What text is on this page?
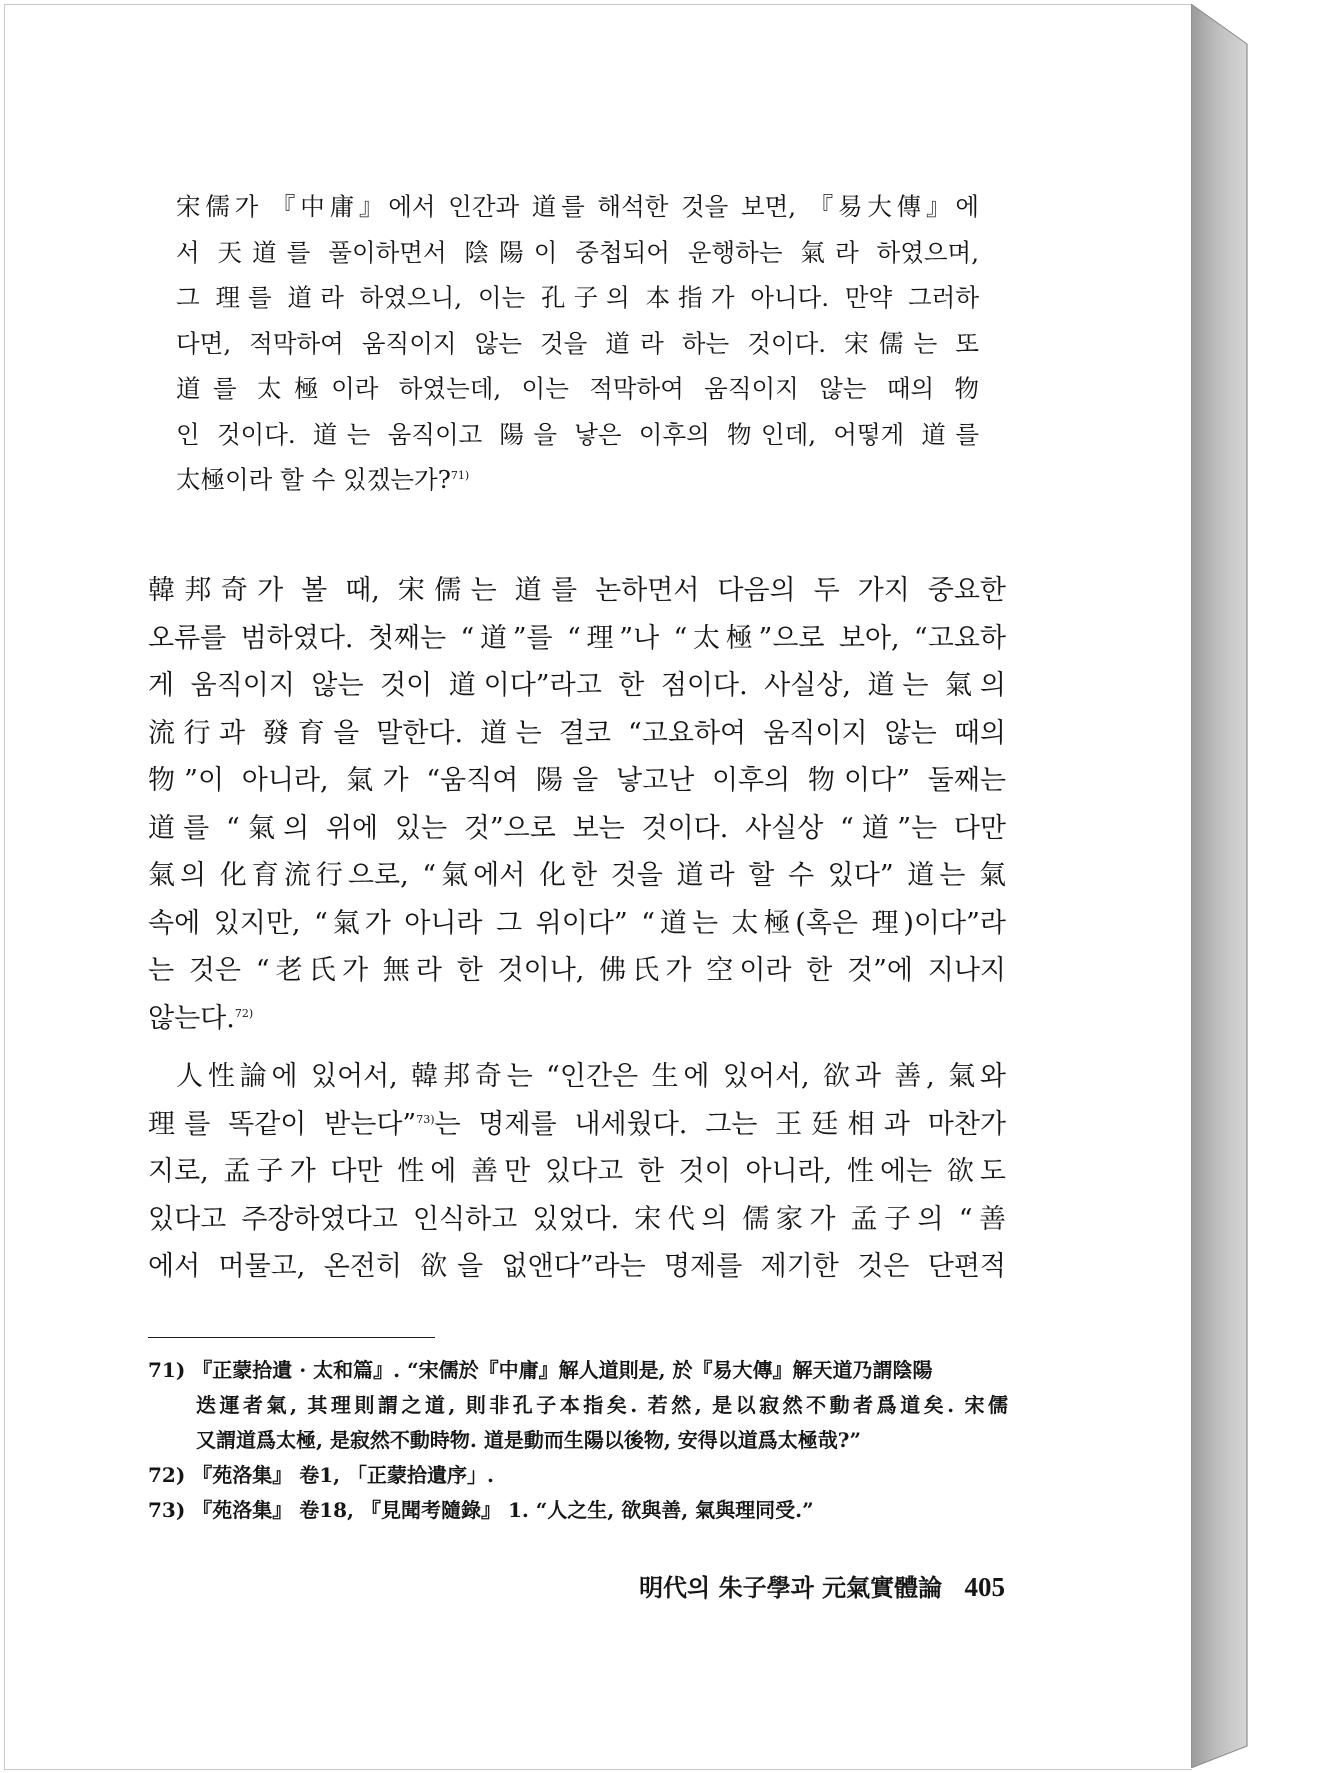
宋儒가 『中庸』에서 인간과 道를 해석한 것을 보면, 『易大傳』에
서 天道를 풀이하면서 陰陽이 중첩되어 운행하는 氣라 하였으며,
그 理를 道라 하였으니, 이는 孔子의 本指가 아니다. 만약 그러하
다면, 적막하여 움직이지 않는 것을 道라 하는 것이다. 宋儒는 또
道를 太極이라 하였는데, 이는 적막하여 움직이지 않는 때의 物
인 것이다. 道는 움직이고 陽을 낳은 이후의 物인데, 어떻게 道를
太極이라 할 수 있겠는가?$^{71)}$
韓邦奇가 볼 때, 宋儒는 道를 논하면서 다음의 두 가지 중요한
오류를 범하였다. 첫째는 “道”를 “理”나 “太極”으로 보아, “고요하
게 움직이지 않는 것이 道이다”라고 한 점이다. 사실상, 道는 氣의
流行과 發育을 말한다. 道는 결코 “고요하여 움직이지 않는 때의
物”이 아니라, 氣가 “움직여 陽을 낳고난 이후의 物이다” 둘째는
道를 “氣의 위에 있는 것”으로 보는 것이다. 사실상 “道”는 다만
氣의 化育流行으로, “氣에서 化한 것을 道라 할 수 있다” 道는 氣
속에 있지만, “氣가 아니라 그 위이다” “道는 太極(혹은 理)이다”라
는 것은 “老氏가 無라 한 것이나, 佛氏가 空이라 한 것”에 지나지
않는다.$^{72)}$
人性論에 있어서, 韓邦奇는 “인간은 生에 있어서, 欲과 善, 氣와
理를 똑같이 받는다”$^{73)}$는 명제를 내세웠다. 그는 王廷相과 마찬가
지로, 孟子가 다만 性에 善만 있다고 한 것이 아니라, 性에는 欲도
있다고 주장하였다고 인식하고 있었다. 宋代의 儒家가 孟子의 “善
에서 머물고, 온전히 欲을 없앤다”라는 명제를 제기한 것은 단편적
71) 『正蒙拾遺 · 太和篇』. “宋儒於『中庸』解人道則是, 於『易大傳』解天道乃謂陰陽
迭運者氣, 其理則謂之道, 則非孔子本指矣. 若然, 是以寂然不動者爲道矣. 宋儒
又謂道爲太極, 是寂然不動時物. 道是動而生陽以後物, 安得以道爲太極哉?”
72) 『苑洛集』 卷1, 「正蒙拾遺序」.
73) 『苑洛集』 卷18, 『見聞考隨錄』 1. “人之生, 欲與善, 氣與理同受.”
明代의 朱子學과 元氣實體論 405
